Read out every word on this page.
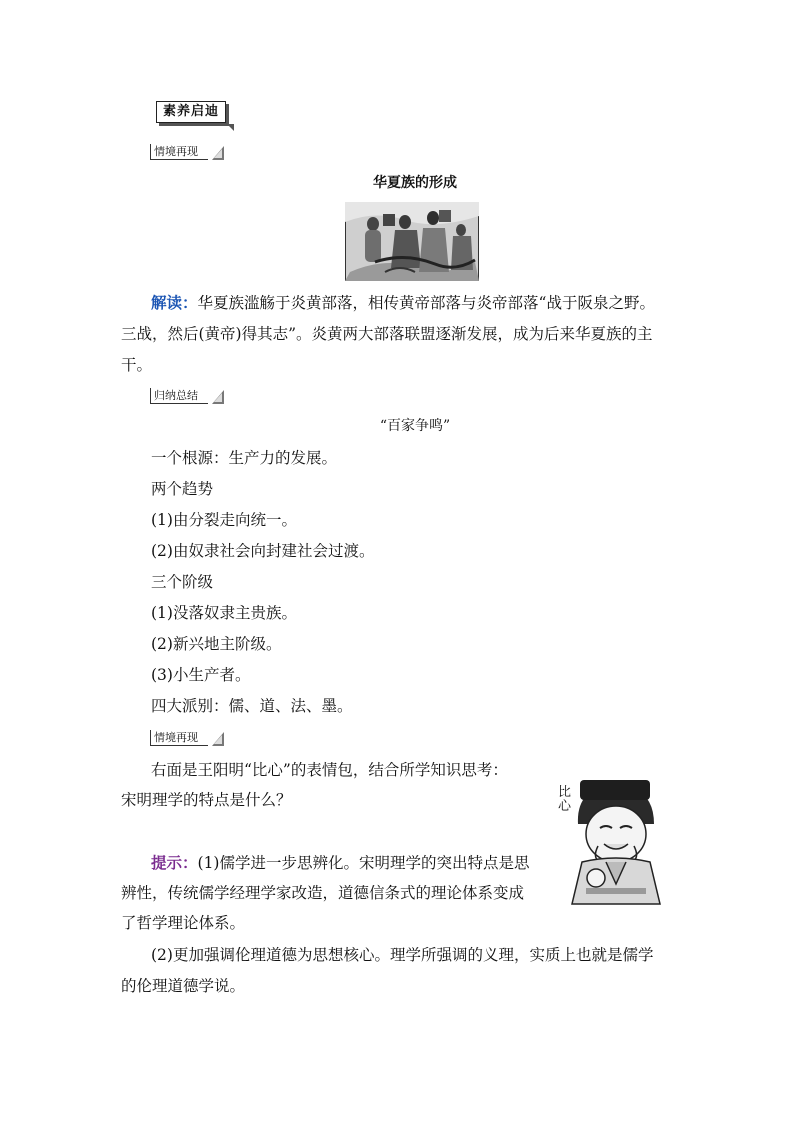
素养启迪
情境再现
华夏族的形成
解读：华夏族滥觞于炎黄部落，相传黄帝部落与炎帝部落“战于阪泉之野。
三战，然后(黄帝)得其志”。炎黄两大部落联盟逐渐发展，成为后来华夏族的主
干。
归纳总结
“百家争鸣”
一个根源：生产力的发展。
两个趋势
(1)由分裂走向统一。
(2)由奴隶社会向封建社会过渡。
三个阶级
(1)没落奴隶主贵族。
(2)新兴地主阶级。
(3)小生产者。
四大派别：儒、道、法、墨。
情境再现
右面是王阳明“比心”的表情包，结合所学知识思考：
宋明理学的特点是什么？	比心
提示：(1)儒学进一步思辨化。宋明理学的突出特点是思
辨性，传统儒学经理学家改造，道德信条式的理论体系变成
了哲学理论体系。
(2)更加强调伦理道德为思想核心。理学所强调的义理，实质上也就是儒学
的伦理道德学说。
